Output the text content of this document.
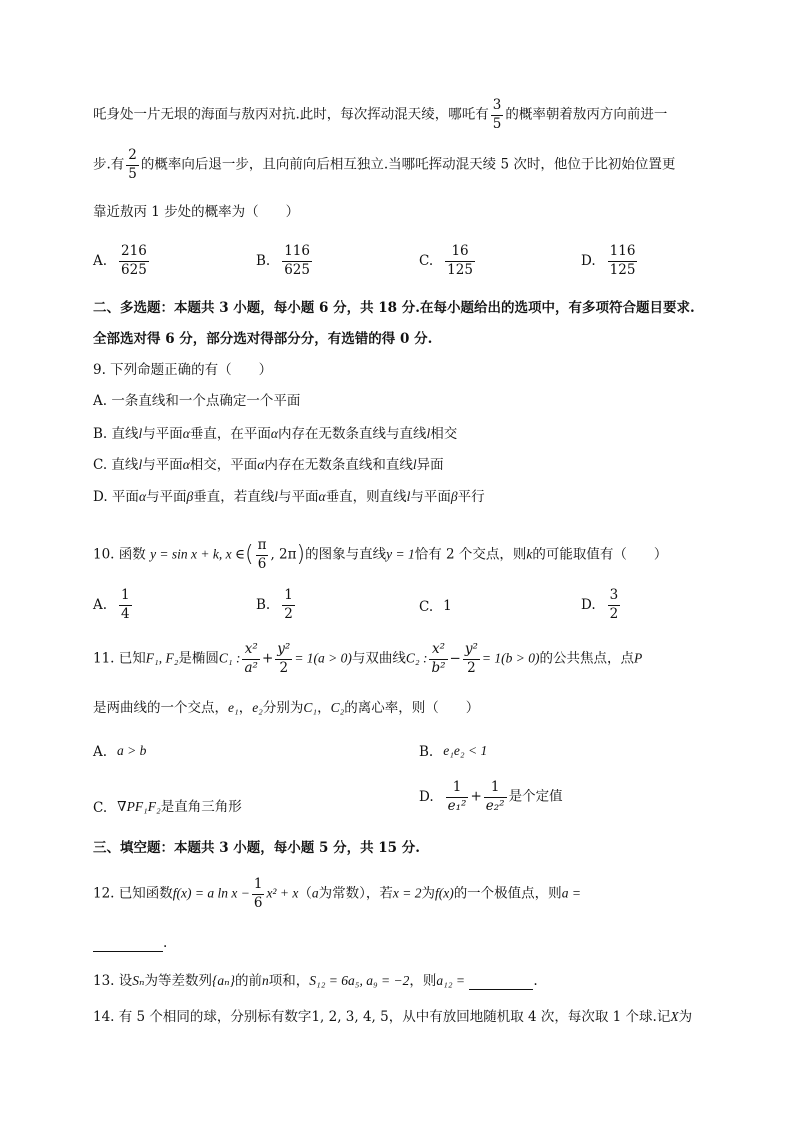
吒身处一片无垠的海面与敖丙对抗.此时，每次挥动混天绫，哪吒有 $\frac{3}{5}$ 的概率朝着敖丙方向前进一
步.有 $\frac{2}{5}$ 的概率向后退一步，且向前向后相互独立.当哪吒挥动混天绫 5 次时，他位于比初始位置更
靠近敖丙 1 步处的概率为（　　）
A. $\frac{216}{625}$	B. $\frac{116}{625}$	C. $\frac{16}{125}$	D. $\frac{116}{125}$
二、多选题：本题共 3 小题，每小题 6 分，共 18 分.在每小题给出的选项中，有多项符合题目要求.
全部选对得 6 分，部分选对得部分分，有选错的得 0 分.
9. 下列命题正确的有（　　）
A. 一条直线和一个点确定一个平面
B. 直线l与平面α垂直，在平面α内存在无数条直线与直线l相交
C. 直线l与平面α相交，平面α内存在无数条直线和直线l异面
D. 平面α与平面β垂直，若直线l与平面α垂直，则直线l与平面β平行
10. 函数 y = sin x + k, x ∈( $\frac{\pi}{6}$ , 2π)的图象与直线y = 1恰有 2 个交点，则k的可能取值有（　　）
A. $\frac{1}{4}$	B. $\frac{1}{2}$	C. 1	D. $\frac{3}{2}$
11. 已知F₁, F₂是椭圆C₁ : $\frac{\text{x²}}{\text{a²}} + \frac{\text{y²}}{2} = 1(a > 0)$与双曲线C₂ : $\frac{\text{x²}}{\text{b²}} - \frac{\text{y²}}{2} = 1(b > 0)$的公共焦点，点P
是两曲线的一个交点，e₁，e₂分别为C₁，C₂的离心率，则（　　）
A. a > b	B. e₁e₂ < 1
C. ∇PF₁F₂是直角三角形
D. $\frac{1}{\text{e₁²}} + \frac{1}{\text{e₂²}}$ 是个定值
三、填空题：本题共 3 小题，每小题 5 分，共 15 分.
12. 已知函数f(x) = a $\ln x - \frac{1}{6} x^2 + x(a$为常数），若x = 2为f(x)的一个极值点，则a =
.
13. 设Sₙ为等差数列{aₙ}的前n项和，S₁₂ = 6a₅, a₉ = −2，则a₁₂ =	.
14. 有 5 个相同的球，分别标有数字1, 2, 3, 4, 5，从中有放回地随机取 4 次，每次取 1 个球.记X为
